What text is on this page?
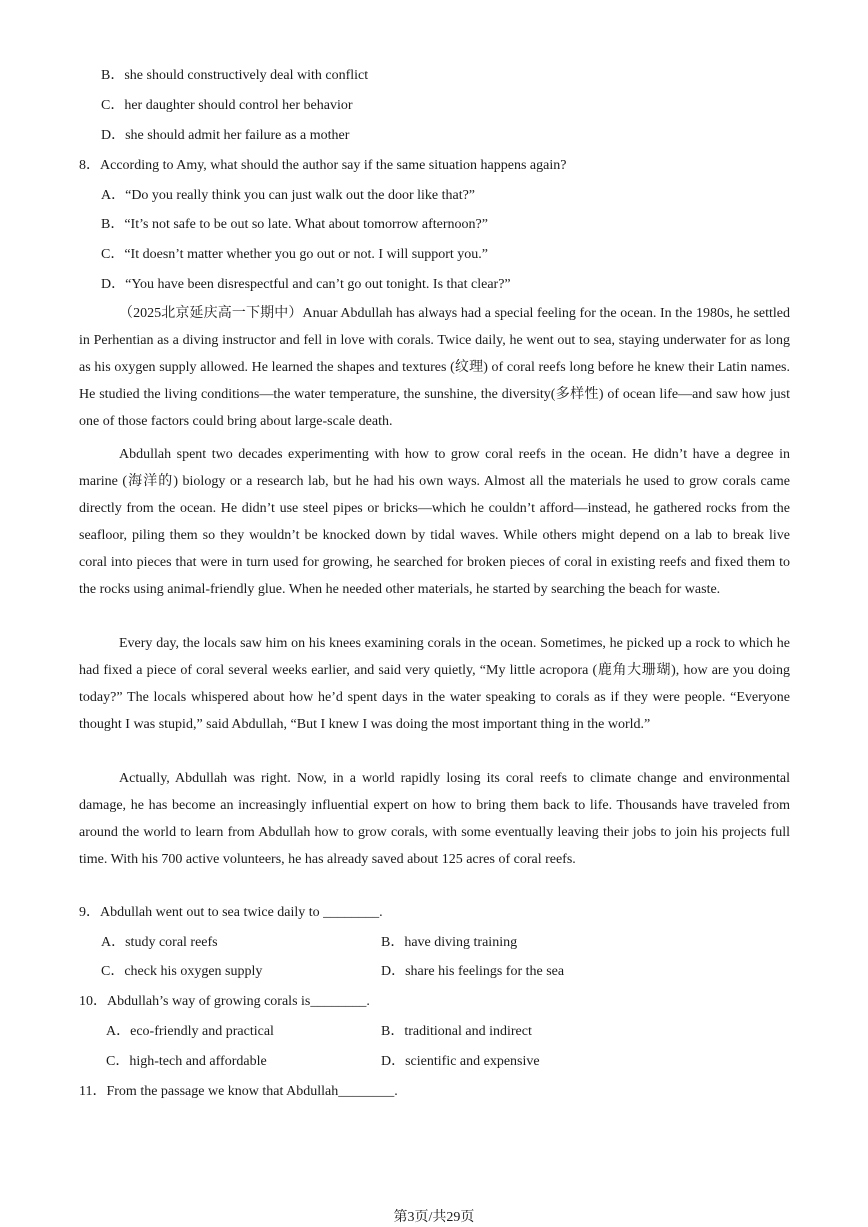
B．she should constructively deal with conflict
C．her daughter should control her behavior
D．she should admit her failure as a mother
8．According to Amy, what should the author say if the same situation happens again?
A．“Do you really think you can just walk out the door like that?”
B．“It’s not safe to be out so late. What about tomorrow afternoon?”
C．“It doesn’t matter whether you go out or not. I will support you.”
D．“You have been disrespectful and can’t go out tonight. Is that clear?”
（2025北京延庆高一下期中）Anuar Abdullah has always had a special feeling for the ocean. In the 1980s, he settled in Perhentian as a diving instructor and fell in love with corals. Twice daily, he went out to sea, staying underwater for as long as his oxygen supply allowed. He learned the shapes and textures (纹理) of coral reefs long before he knew their Latin names. He studied the living conditions—the water temperature, the sunshine, the diversity(多样性) of ocean life—and saw how just one of those factors could bring about large-scale death.
Abdullah spent two decades experimenting with how to grow coral reefs in the ocean. He didn’t have a degree in marine (海洋的) biology or a research lab, but he had his own ways. Almost all the materials he used to grow corals came directly from the ocean. He didn’t use steel pipes or bricks—which he couldn’t afford—instead, he gathered rocks from the seafloor, piling them so they wouldn’t be knocked down by tidal waves. While others might depend on a lab to break live coral into pieces that were in turn used for growing, he searched for broken pieces of coral in existing reefs and fixed them to the rocks using animal-friendly glue. When he needed other materials, he started by searching the beach for waste.
Every day, the locals saw him on his knees examining corals in the ocean. Sometimes, he picked up a rock to which he had fixed a piece of coral several weeks earlier, and said very quietly, “My little acropora (鹿角大珊瑚), how are you doing today?” The locals whispered about how he’d spent days in the water speaking to corals as if they were people. “Everyone thought I was stupid,” said Abdullah, “But I knew I was doing the most important thing in the world.”
Actually, Abdullah was right. Now, in a world rapidly losing its coral reefs to climate change and environmental damage, he has become an increasingly influential expert on how to bring them back to life. Thousands have traveled from around the world to learn from Abdullah how to grow corals, with some eventually leaving their jobs to join his projects full time. With his 700 active volunteers, he has already saved about 125 acres of coral reefs.
9．Abdullah went out to sea twice daily to ________.
A．study coral reefs	B．have diving training
C．check his oxygen supply	D．share his feelings for the sea
10．Abdullah’s way of growing corals is________.
A．eco-friendly and practical	B．traditional and indirect
C．high-tech and affordable	D．scientific and expensive
11．From the passage we know that Abdullah________.
第3页/共29页
